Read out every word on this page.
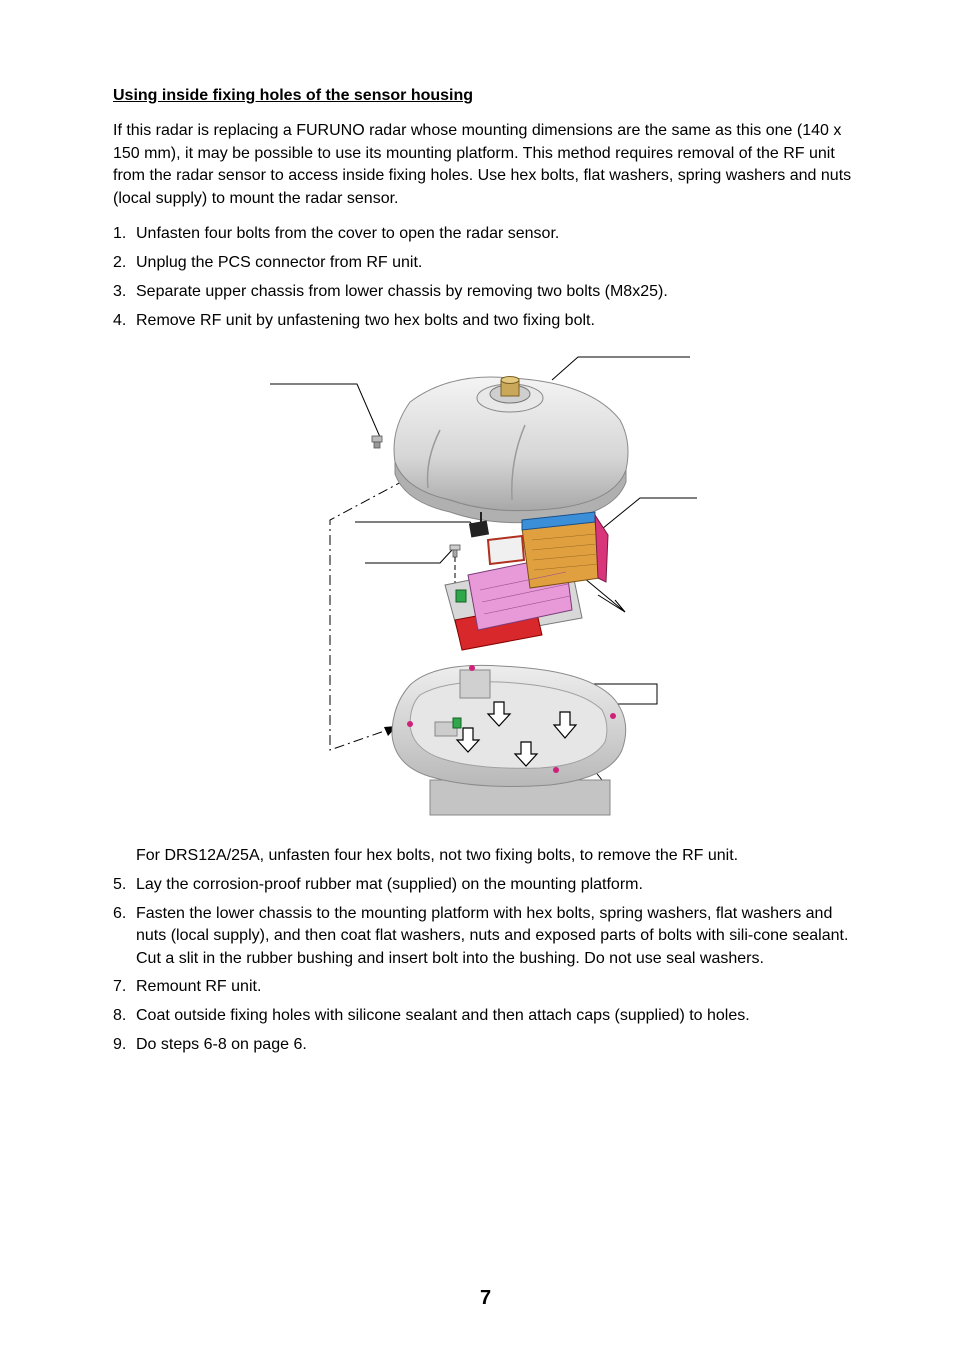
Using inside fixing holes of the sensor housing
If this radar is replacing a FURUNO radar whose mounting dimensions are the same as this one (140 x 150 mm), it may be possible to use its mounting platform. This method requires removal of the RF unit from the radar sensor to access inside fixing holes. Use hex bolts, flat washers, spring washers and nuts (local supply) to mount the radar sensor.
1. Unfasten four bolts from the cover to open the radar sensor.
2. Unplug the PCS connector from RF unit.
3. Separate upper chassis from lower chassis by removing two bolts (M8x25).
4. Remove RF unit by unfastening two hex bolts and two fixing bolt.
For DRS12A/25A, unfasten four hex bolts, not two fixing bolts, to remove the RF unit.
5. Lay the corrosion-proof rubber mat (supplied) on the mounting platform.
6. Fasten the lower chassis to the mounting platform with hex bolts, spring washers, flat washers and nuts (local supply), and then coat flat washers, nuts and exposed parts of bolts with sili-cone sealant. Cut a slit in the rubber bushing and insert bolt into the bushing. Do not use seal washers.
7. Remount RF unit.
8. Coat outside fixing holes with silicone sealant and then attach caps (supplied) to holes.
9. Do steps 6-8 on page 6.
7
